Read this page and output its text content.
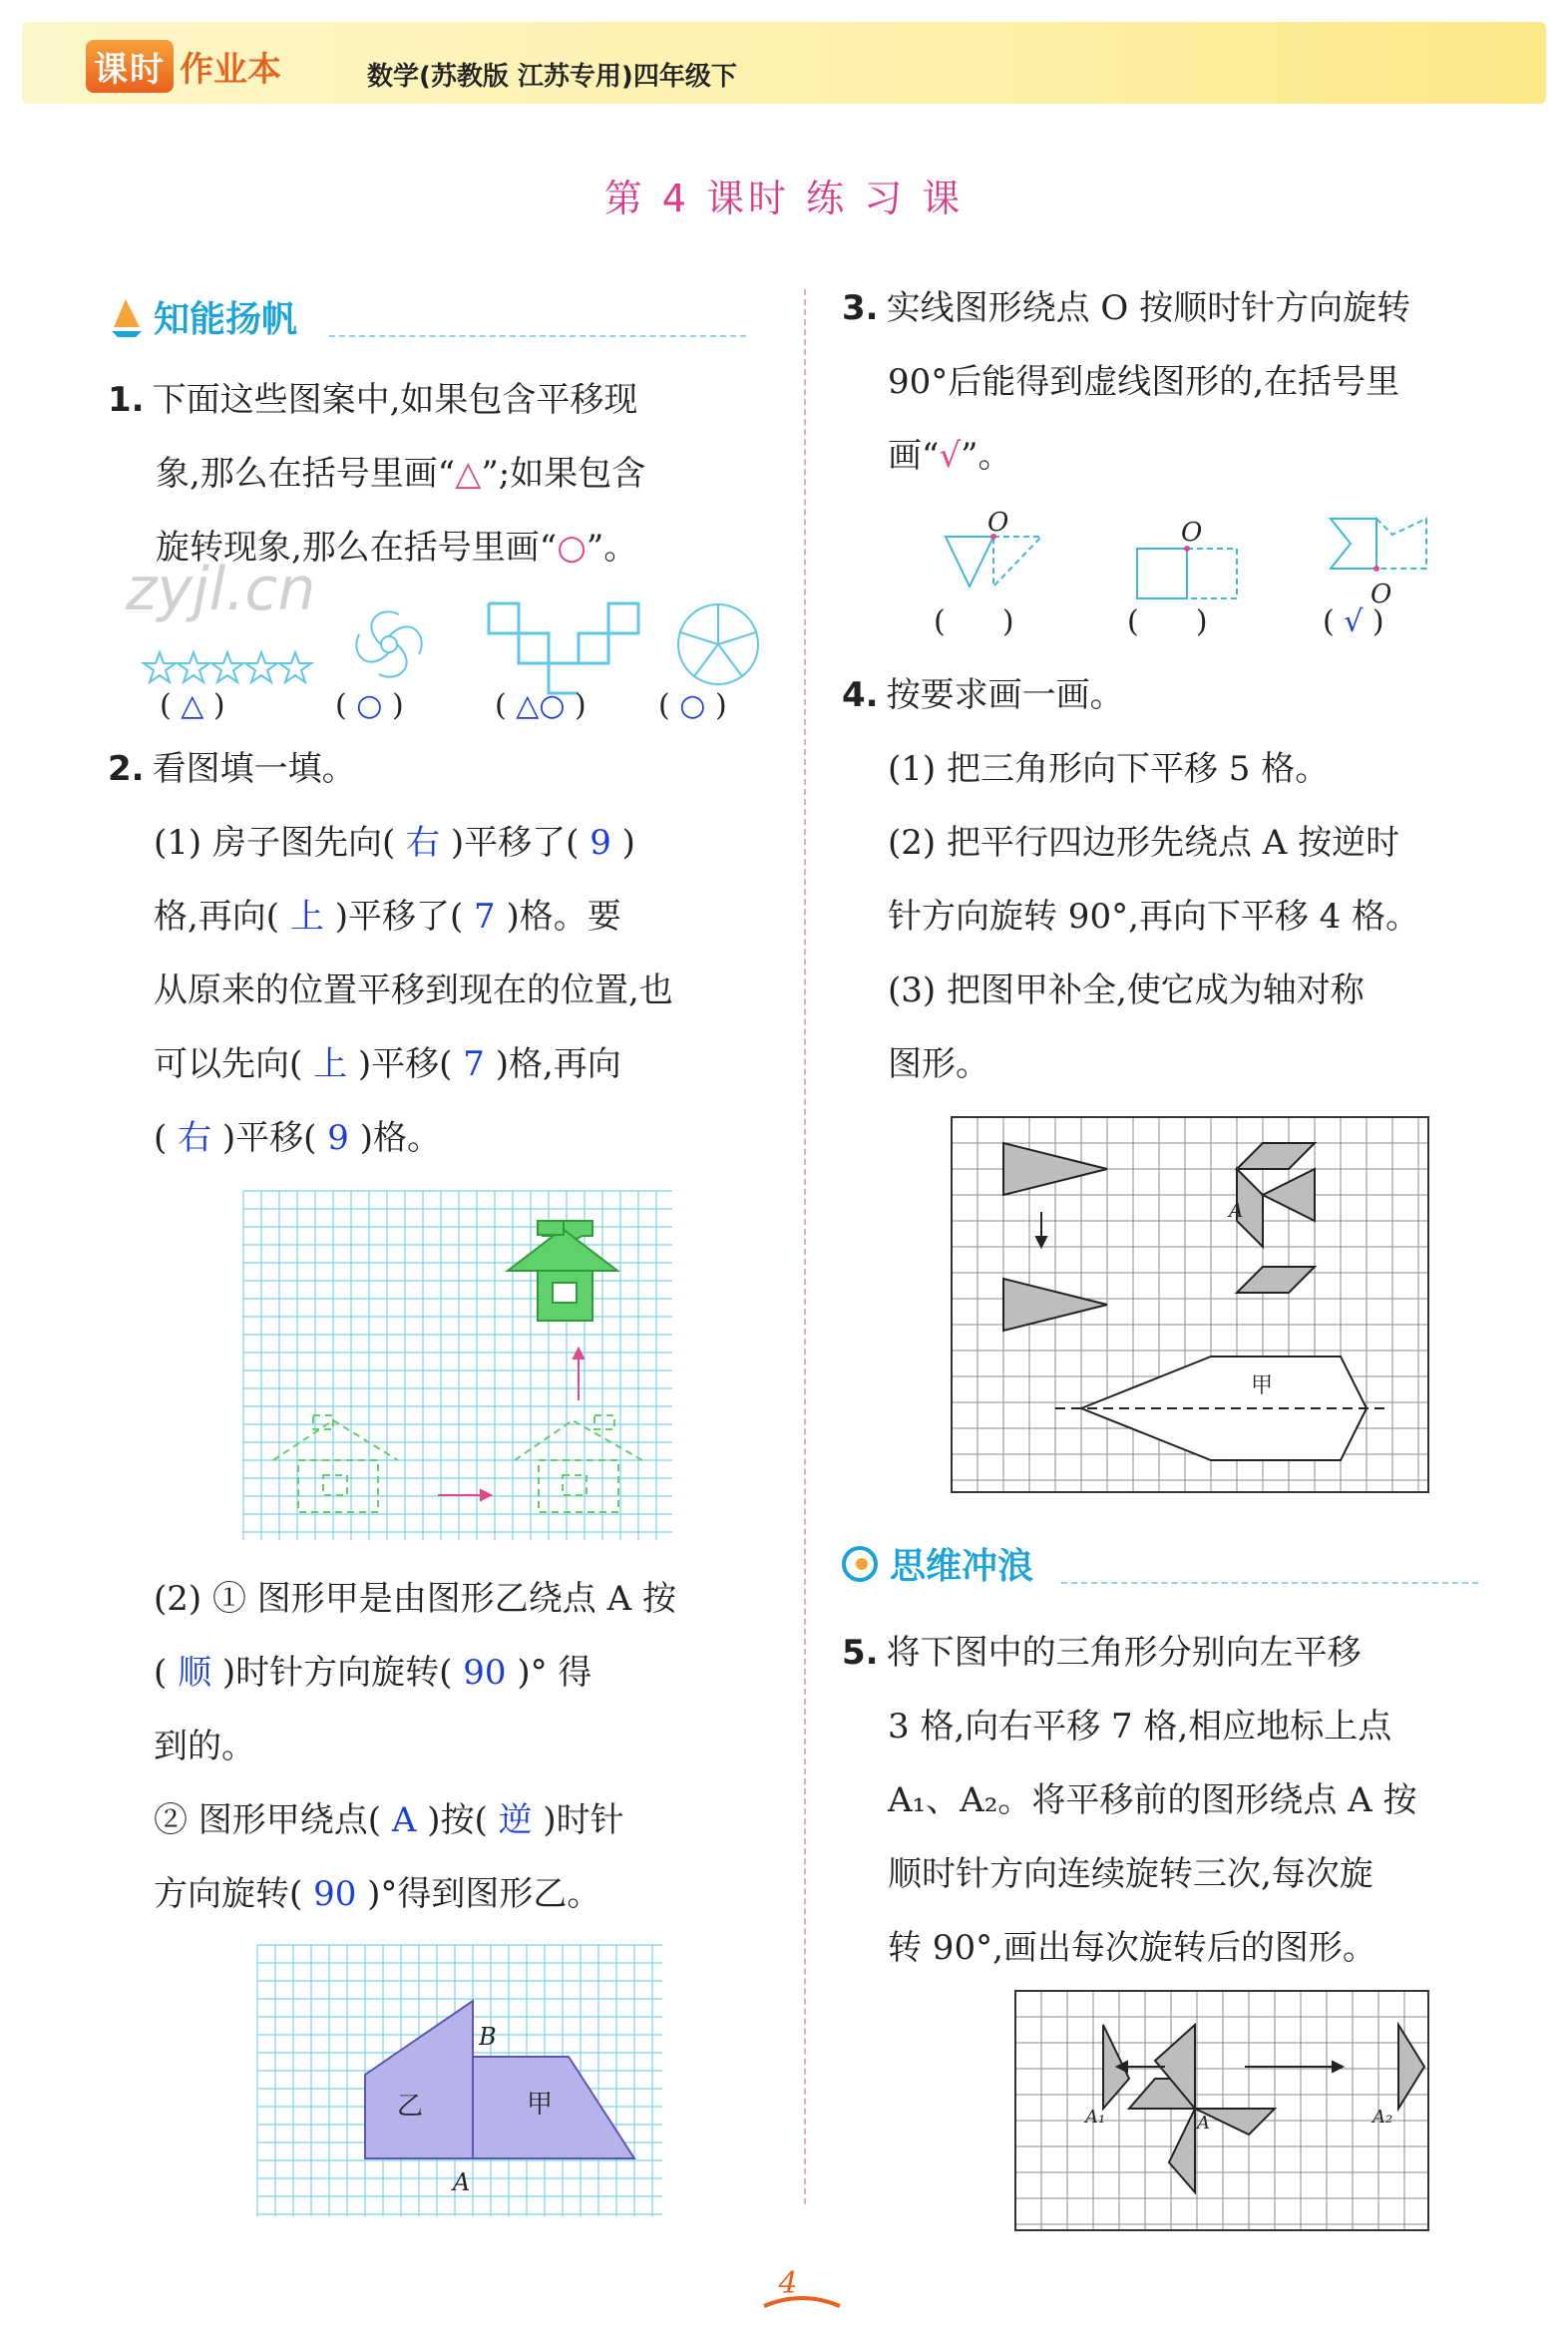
课时 作业本	数学(苏教版 江苏专用)四年级下
第 4 课时 练 习 课
知能扬帆
1. 下面这些图案中,如果包含平移现
象,那么在括号里画“△”;如果包含
旋转现象,那么在括号里画“○”。
zyjl.cn
( △ )	( ○ )	( △○ ) ( ○ )
2. 看图填一填。
(1) 房子图先向( 右 )平移了( 9 )
格,再向( 上 )平移了( 7 )格。要
从原来的位置平移到现在的位置,也
可以先向( 上 )平移( 7 )格,再向
( 右 )平移( 9 )格。
(2) ① 图形甲是由图形乙绕点 A 按
( 顺 )时针方向旋转( 90 )° 得
到的。
② 图形甲绕点( A )按( 逆 )时针
方向旋转( 90 )°得到图形乙。
乙	甲
B
A
3. 实线图形绕点 O 按顺时针方向旋转
90°后能得到虚线图形的,在括号里
画“√”。
O	O
O
(      )	(      )	( √ )
4. 按要求画一画。
(1) 把三角形向下平移 5 格。
(2) 把平行四边形先绕点 A 按逆时
针方向旋转 90°,再向下平移 4 格。
(3) 把图甲补全,使它成为轴对称
图形。
A
甲
思维冲浪
5. 将下图中的三角形分别向左平移
3 格,向右平移 7 格,相应地标上点
A₁、A₂。将平移前的图形绕点 A 按
顺时针方向连续旋转三次,每次旋
转 90°,画出每次旋转后的图形。
A₁	A	A₂
4
